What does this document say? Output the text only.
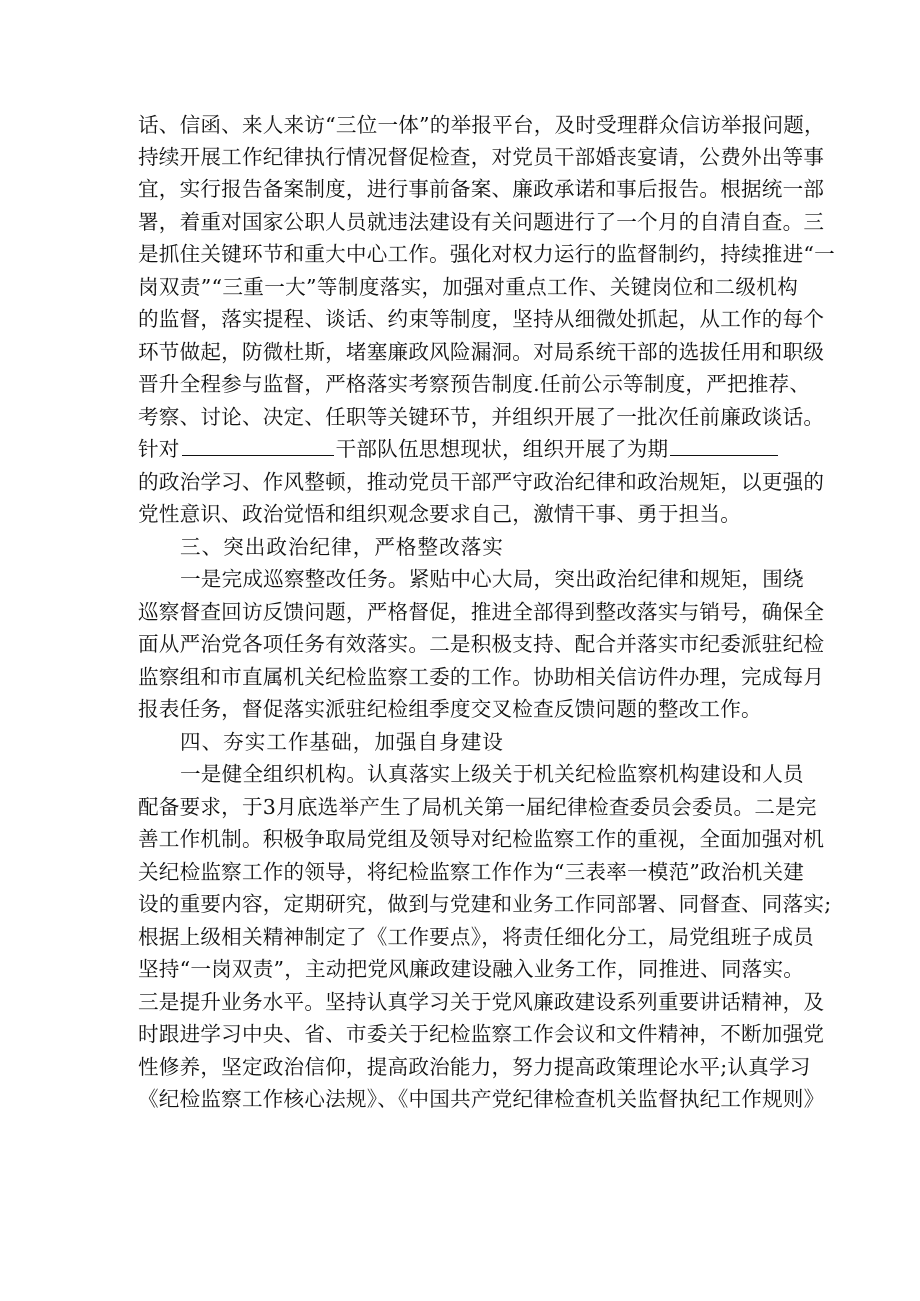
话、信函、来人来访“三位一体”的举报平台，及时受理群众信访举报问题，
持续开展工作纪律执行情况督促检查，对党员干部婚丧宴请，公费外出等事
宜，实行报告备案制度，进行事前备案、廉政承诺和事后报告。根据统一部
署，着重对国家公职人员就违法建设有关问题进行了一个月的自清自查。三
是抓住关键环节和重大中心工作。强化对权力运行的监督制约，持续推进“一
岗双责”“三重一大”等制度落实，加强对重点工作、关键岗位和二级机构
的监督，落实提程、谈话、约束等制度，坚持从细微处抓起，从工作的每个
环节做起，防微杜斯，堵塞廉政风险漏洞。对局系统干部的选拔任用和职级
晋升全程参与监督，严格落实考察预告制度.任前公示等制度，严把推荐、
考察、讨论、决定、任职等关键环节，并组织开展了一批次任前廉政谈话。
针对	干部队伍思想现状，组织开展了为期
的政治学习、作风整顿，推动党员干部严守政治纪律和政治规矩，以更强的
党性意识、政治觉悟和组织观念要求自己，激情干事、勇于担当。
三、突出政治纪律，严格整改落实
一是完成巡察整改任务。紧贴中心大局，突出政治纪律和规矩，围绕
巡察督查回访反馈问题，严格督促，推进全部得到整改落实与销号，确保全
面从严治党各项任务有效落实。二是积极支持、配合并落实市纪委派驻纪检
监察组和市直属机关纪检监察工委的工作。协助相关信访件办理，完成每月
报表任务，督促落实派驻纪检组季度交叉检查反馈问题的整改工作。
四、夯实工作基础，加强自身建设
一是健全组织机构。认真落实上级关于机关纪检监察机构建设和人员
配备要求，于3月底选举产生了局机关第一届纪律检查委员会委员。二是完
善工作机制。积极争取局党组及领导对纪检监察工作的重视，全面加强对机
关纪检监察工作的领导，将纪检监察工作作为“三表率一模范”政治机关建
设的重要内容，定期研究，做到与党建和业务工作同部署、同督查、同落实;
根据上级相关精神制定了《工作要点》，将责任细化分工，局党组班子成员
坚持“一岗双责”，主动把党风廉政建设融入业务工作，同推进、同落实。
三是提升业务水平。坚持认真学习关于党风廉政建设系列重要讲话精神，及
时跟进学习中央、省、市委关于纪检监察工作会议和文件精神，不断加强党
性修养，坚定政治信仰，提高政治能力，努力提高政策理论水平;认真学习
《纪检监察工作核心法规》、《中国共产党纪律检查机关监督执纪工作规则》
